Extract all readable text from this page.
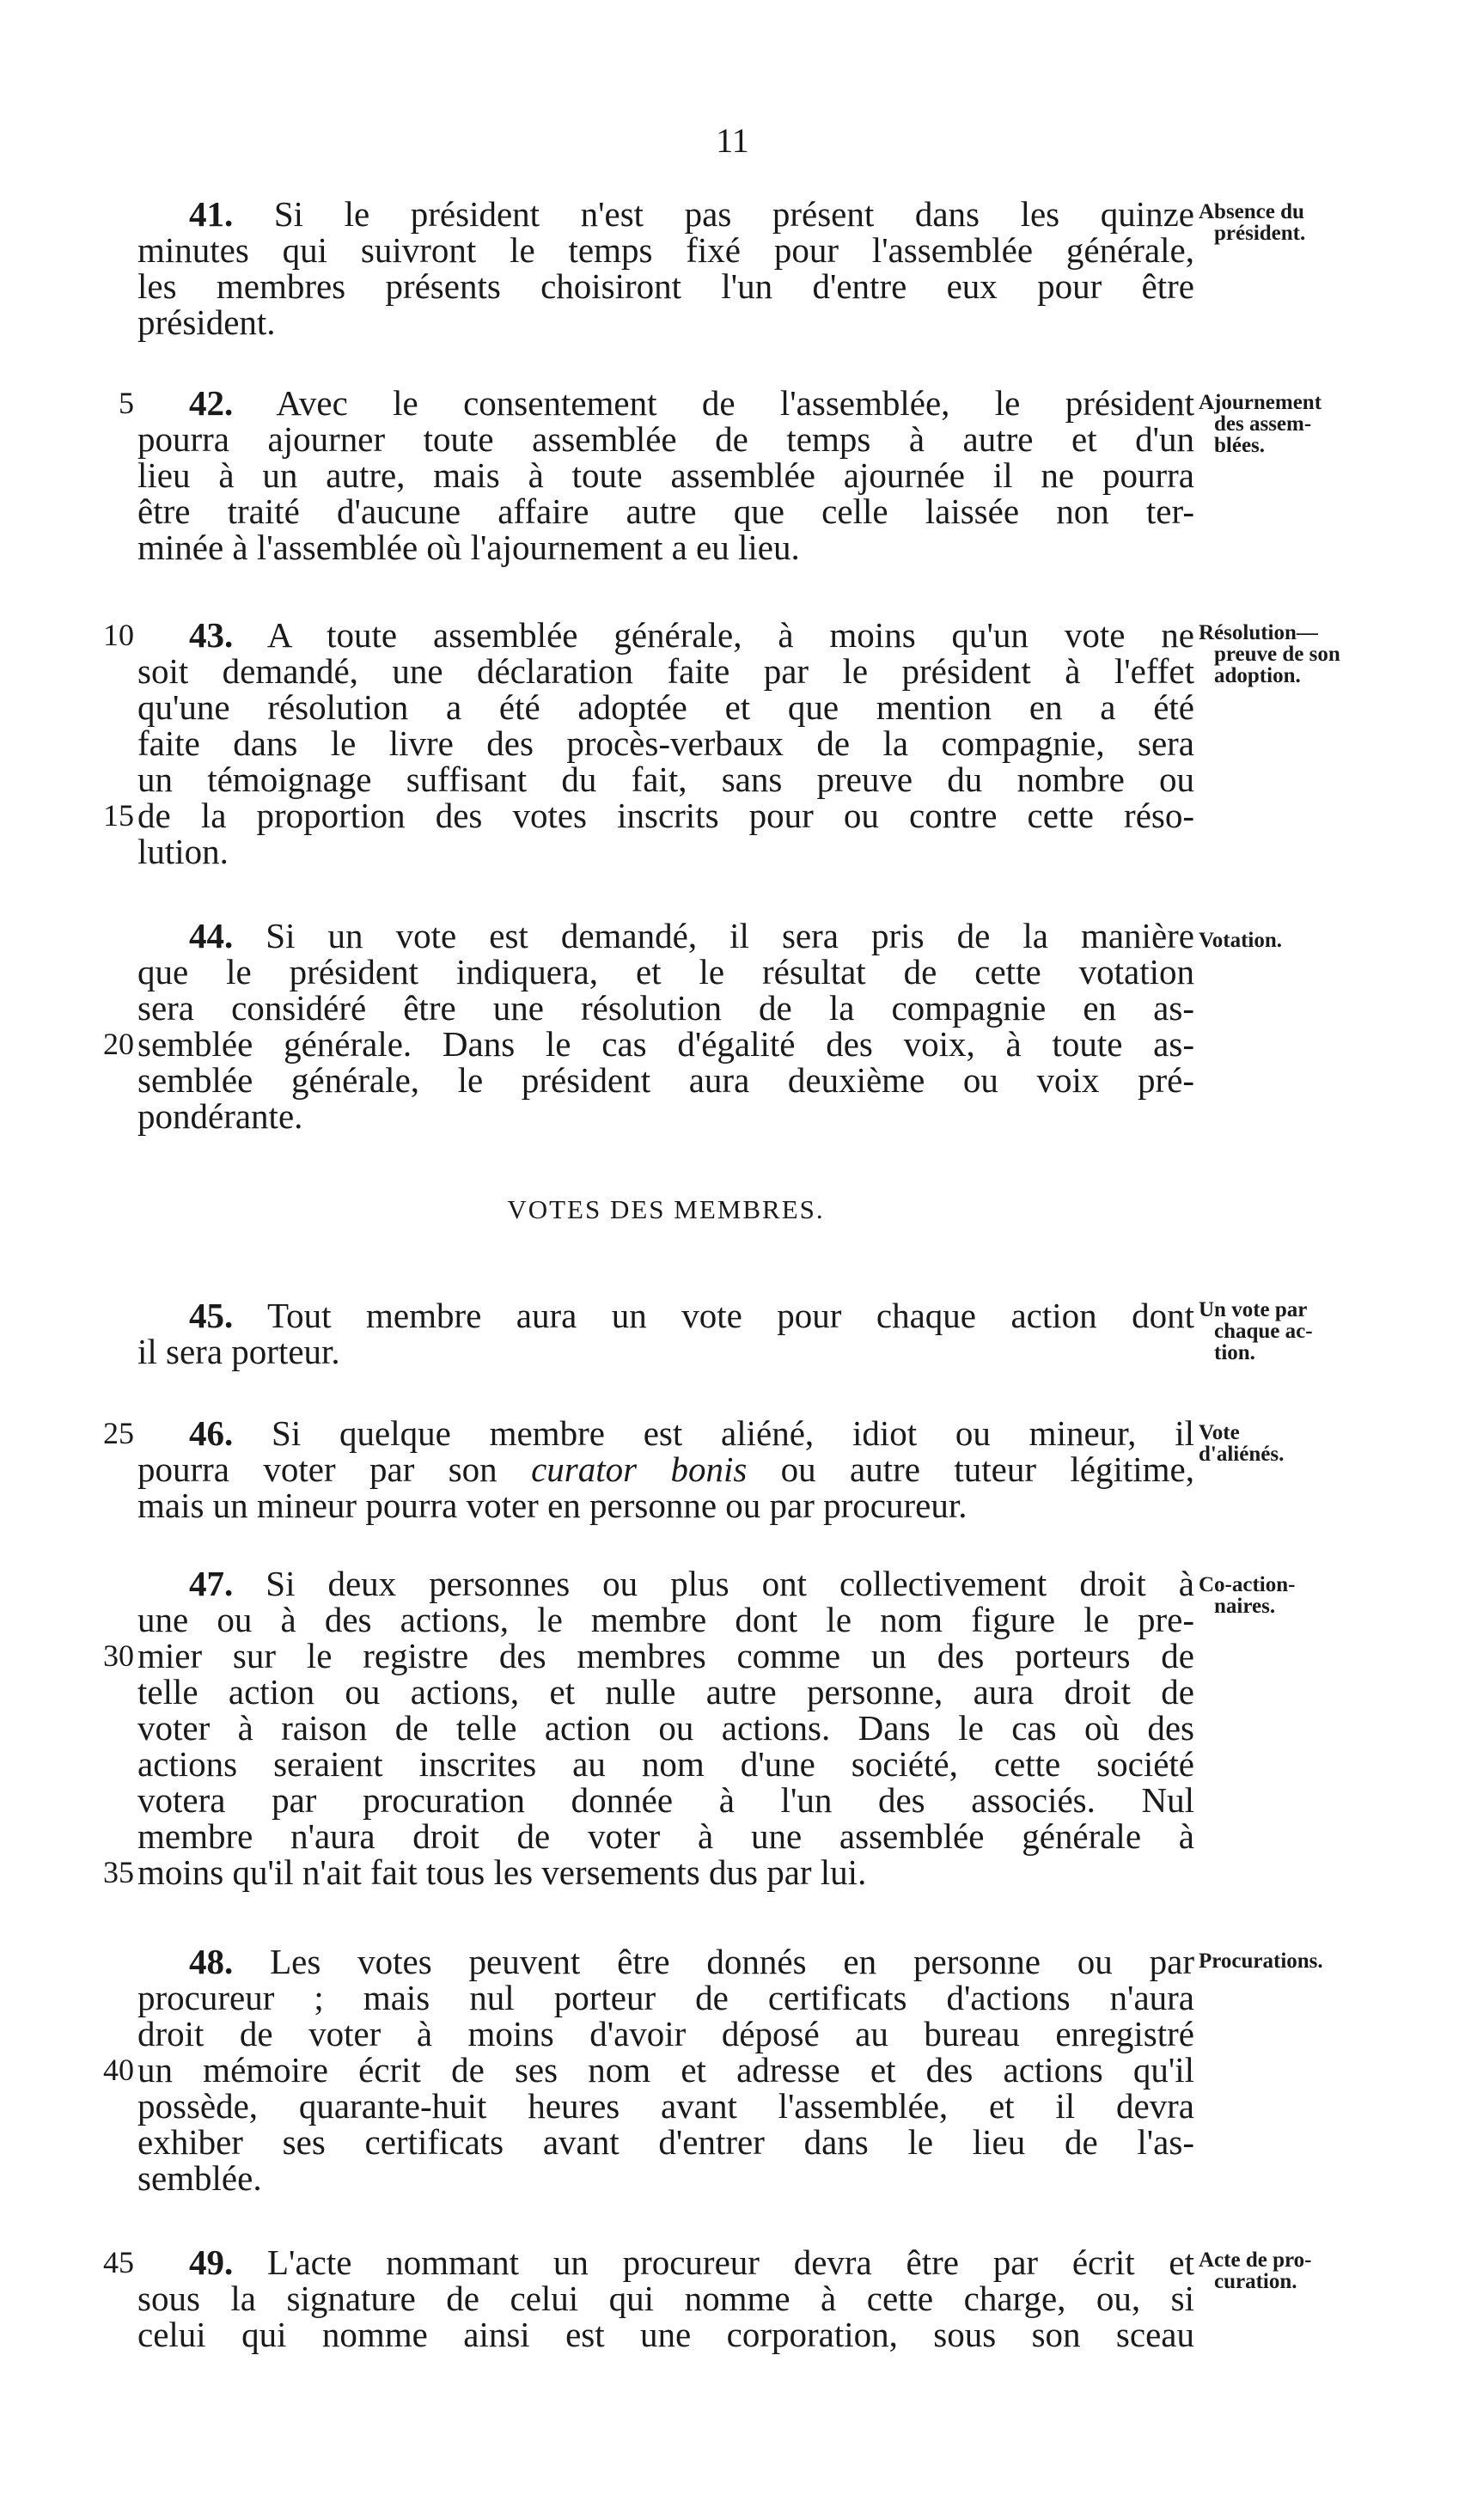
11
41. Si le président n'est pas présent dans les quinze
minutes qui suivront le temps fixé pour l'assemblée générale,
les membres présents choisiront l'un d'entre eux pour être
président.
Absence du
président.
42. Avec le consentement de l'assemblée, le président
pourra ajourner toute assemblée de temps à autre et d'un
lieu à un autre, mais à toute assemblée ajournée il ne pourra
être traité d'aucune affaire autre que celle laissée non ter-
minée à l'assemblée où l'ajournement a eu lieu.
Ajournement
des assem-
blées.
43. A toute assemblée générale, à moins qu'un vote ne
soit demandé, une déclaration faite par le président à l'effet
qu'une résolution a été adoptée et que mention en a été
faite dans le livre des procès-verbaux de la compagnie, sera
un témoignage suffisant du fait, sans preuve du nombre ou
de la proportion des votes inscrits pour ou contre cette réso-
lution.
Résolution—
preuve de son
adoption.
44. Si un vote est demandé, il sera pris de la manière
que le président indiquera, et le résultat de cette votation
sera considéré être une résolution de la compagnie en as-
semblée générale. Dans le cas d'égalité des voix, à toute as-
semblée générale, le président aura deuxième ou voix pré-
pondérante.
Votation.
VOTES DES MEMBRES.
45. Tout membre aura un vote pour chaque action dont
il sera porteur.
Un vote par
chaque ac-
tion.
46. Si quelque membre est aliéné, idiot ou mineur, il
pourra voter par son curator bonis ou autre tuteur légitime,
mais un mineur pourra voter en personne ou par procureur.
Vote
d'aliénés.
47. Si deux personnes ou plus ont collectivement droit à
une ou à des actions, le membre dont le nom figure le pre-
mier sur le registre des membres comme un des porteurs de
telle action ou actions, et nulle autre personne, aura droit de
voter à raison de telle action ou actions. Dans le cas où des
actions seraient inscrites au nom d'une société, cette société
votera par procuration donnée à l'un des associés. Nul
membre n'aura droit de voter à une assemblée générale à
moins qu'il n'ait fait tous les versements dus par lui.
Co-action-
naires.
48. Les votes peuvent être donnés en personne ou par
procureur ; mais nul porteur de certificats d'actions n'aura
droit de voter à moins d'avoir déposé au bureau enregistré
un mémoire écrit de ses nom et adresse et des actions qu'il
possède, quarante-huit heures avant l'assemblée, et il devra
exhiber ses certificats avant d'entrer dans le lieu de l'as-
semblée.
Procurations.
49. L'acte nommant un procureur devra être par écrit et
sous la signature de celui qui nomme à cette charge, ou, si
celui qui nomme ainsi est une corporation, sous son sceau
Acte de pro-
curation.
5
10
15
20
25
30
35
40
45
